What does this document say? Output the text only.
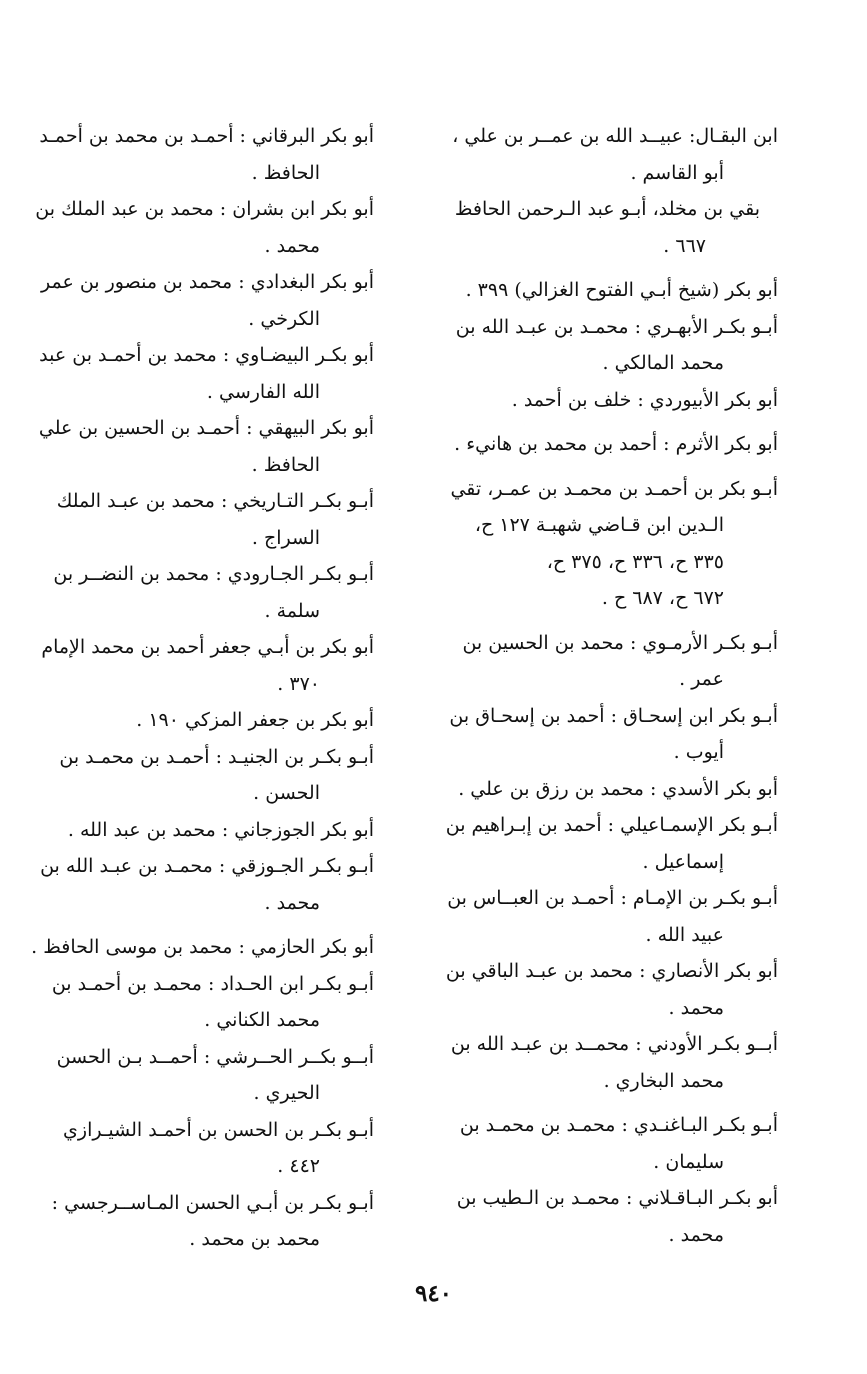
ابن البقـال: عبيــد الله بن عمــر بن علي ،
أبو القاسم .
بقي بن مخلد، أبـو عبد الـرحمن الحافظ
٦٦٧ .
أبو بكر (شيخ أبـي الفتوح الغزالي) ٣٩٩ .
أبـو بكـر الأبهـري : محمـد بن عبـد الله بن
محمد المالكي .
أبو بكر الأبيوردي : خلف بن أحمد .
أبو بكر الأثرم : أحمد بن محمد بن هانيء .
أبـو بكر بن أحمـد بن محمـد بن عمـر، تقي
الـدين ابن قـاضي شهبـة ١٢٧ ح،
٣٣٥ ح، ٣٣٦ ح، ٣٧٥ ح،
٦٧٢ ح، ٦٨٧ ح .
أبـو بكـر الأرمـوي : محمد بن الحسين بن
عمر .
أبـو بكر ابن إسحـاق : أحمد بن إسحـاق بن
أيوب .
أبو بكر الأسدي : محمد بن رزق بن علي .
أبـو بكر الإسمـاعيلي : أحمد بن إبـراهيم بن
إسماعيل .
أبـو بكـر بن الإمـام : أحمـد بن العبــاس بن
عبيد الله .
أبو بكر الأنصاري : محمد بن عبـد الباقي بن
محمد .
أبــو بكـر الأودني : محمــد بن عبـد الله بن
محمد البخاري .
أبـو بكـر البـاغنـدي : محمـد بن محمـد بن
سليمان .
أبو بكـر البـاقـلاني : محمـد بن الـطيب بن
محمد .
أبو بكر البرقاني : أحمـد بن محمد بن أحمـد
الحافظ .
أبو بكر ابن بشران : محمد بن عبد الملك بن
محمد .
أبو بكر البغدادي : محمد بن منصور بن عمر
الكرخي .
أبو بكـر البيضـاوي : محمد بن أحمـد بن عبد
الله الفارسي .
أبو بكر البيهقي : أحمـد بن الحسين بن علي
الحافظ .
أبـو بكـر التـاريخي : محمد بن عبـد الملك
السراج .
أبـو بكـر الجـارودي : محمد بن النضــر بن
سلمة .
أبو بكر بن أبـي جعفر أحمد بن محمد الإمام
٣٧٠ .
أبو بكر بن جعفر المزكي ١٩٠ .
أبـو بكـر بن الجنيـد : أحمـد بن محمـد بن
الحسن .
أبو بكر الجوزجاني : محمد بن عبد الله .
أبـو بكـر الجـوزقي : محمـد بن عبـد الله بن
محمد .
أبو بكر الحازمي : محمد بن موسى الحافظ .
أبـو بكـر ابن الحـداد : محمـد بن أحمـد بن
محمد الكناني .
أبــو بكــر الحــرشي : أحمــد بـن الحسن
الحيري .
أبـو بكـر بن الحسن بن أحمـد الشيـرازي
٤٤٢ .
أبـو بكـر بن أبـي الحسن المـاســرجسي :
محمد بن محمد .
٩٤٠
